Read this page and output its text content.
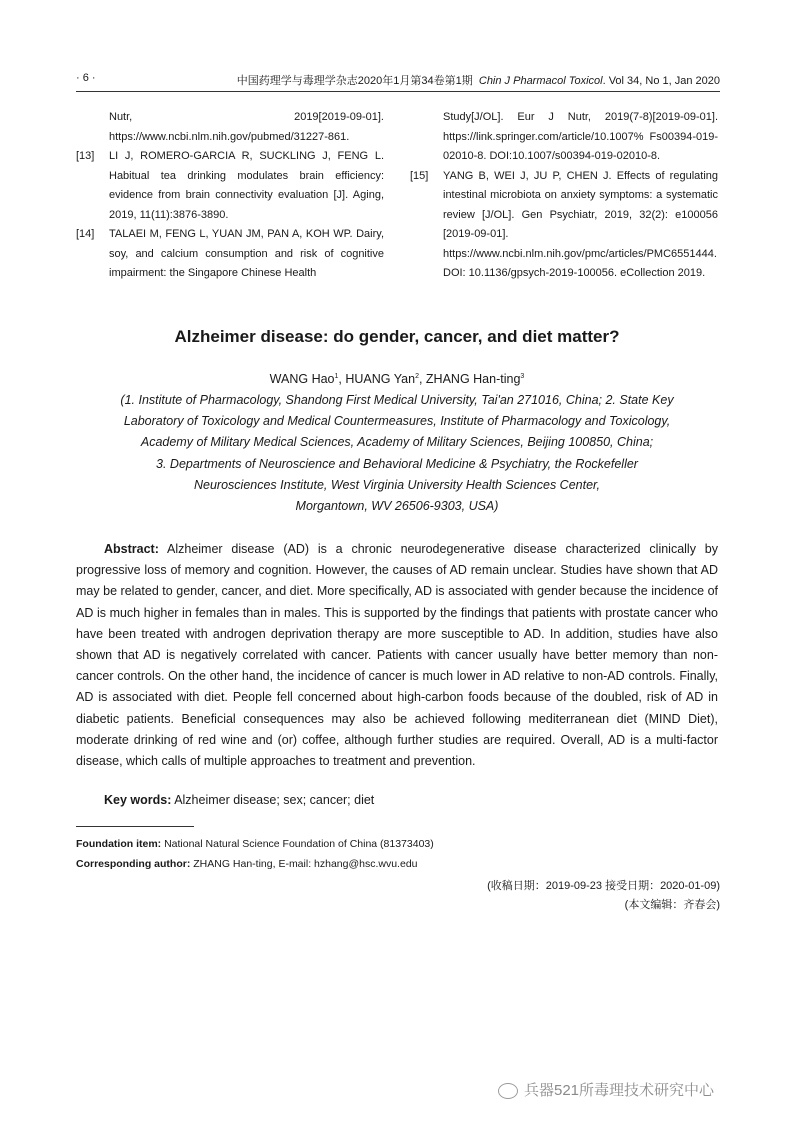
· 6 ·	中国药理学与毒理学杂志2020年1月第34卷第1期 Chin J Pharmacol Toxicol. Vol 34, No 1, Jan 2020
Nutr, 2019[2019-09-01]. https://www.ncbi.nlm.nih.gov/pubmed/31227-861.
[13] LI J, ROMERO-GARCIA R, SUCKLING J, FENG L. Habitual tea drinking modulates brain efficiency: evidence from brain connectivity evaluation [J]. Aging, 2019, 11(11):3876-3890.
[14] TALAEI M, FENG L, YUAN JM, PAN A, KOH WP. Dairy, soy, and calcium consumption and risk of cognitive impairment: the Singapore Chinese Health
Study[J/OL]. Eur J Nutr, 2019(7-8)[2019-09-01]. https://link.springer.com/article/10.1007% Fs00394-019-02010-8. DOI:10.1007/s00394-019-02010-8.
[15] YANG B, WEI J, JU P, CHEN J. Effects of regulating intestinal microbiota on anxiety symptoms: a systematic review [J/OL]. Gen Psychiatr, 2019, 32(2): e100056 [2019-09-01]. https://www.ncbi.nlm.nih.gov/pmc/articles/PMC6551444. DOI: 10.1136/gpsych-2019-100056. eCollection 2019.
Alzheimer disease: do gender, cancer, and diet matter?
WANG Hao$^1$, HUANG Yan$^2$, ZHANG Han-ting$^3$
(1. Institute of Pharmacology, Shandong First Medical University, Tai'an 271016, China; 2. State Key
Laboratory of Toxicology and Medical Countermeasures, Institute of Pharmacology and Toxicology,
Academy of Military Medical Sciences, Academy of Military Sciences, Beijing 100850, China;
3. Departments of Neuroscience and Behavioral Medicine & Psychiatry, the Rockefeller
Neurosciences Institute, West Virginia University Health Sciences Center,
Morgantown, WV 26506-9303, USA)

Abstract: Alzheimer disease (AD) is a chronic neurodegenerative disease characterized clinically by progressive loss of memory and cognition. However, the causes of AD remain unclear. Studies have shown that AD may be related to gender, cancer, and diet. More specifically, AD is associated with gender because the incidence of AD is much higher in females than in males. This is supported by the findings that patients with prostate cancer who have been treated with androgen deprivation therapy are more susceptible to AD. In addition, studies have also shown that AD is negatively correlated with cancer. Patients with cancer usually have better memory than non-cancer controls. On the other hand, the incidence of cancer is much lower in AD relative to non-AD controls. Finally, AD is associated with diet. People fell concerned about high-carbon foods because of the doubled, risk of AD in diabetic patients. Beneficial consequences may also be achieved following mediterranean diet (MIND Diet), moderate drinking of red wine and (or) coffee, although further studies are required. Overall, AD is a multi-factor disease, which calls of multiple approaches to treatment and prevention.

Key words: Alzheimer disease; sex; cancer; diet
Foundation item: National Natural Science Foundation of China (81373403)
Corresponding author: ZHANG Han-ting, E-mail: hzhang@hsc.wvu.edu
(收稿日期：2019-09-23 接受日期：2020-01-09)
(本文编辑：齐春会)
兵器521所毒理技术研究中心
